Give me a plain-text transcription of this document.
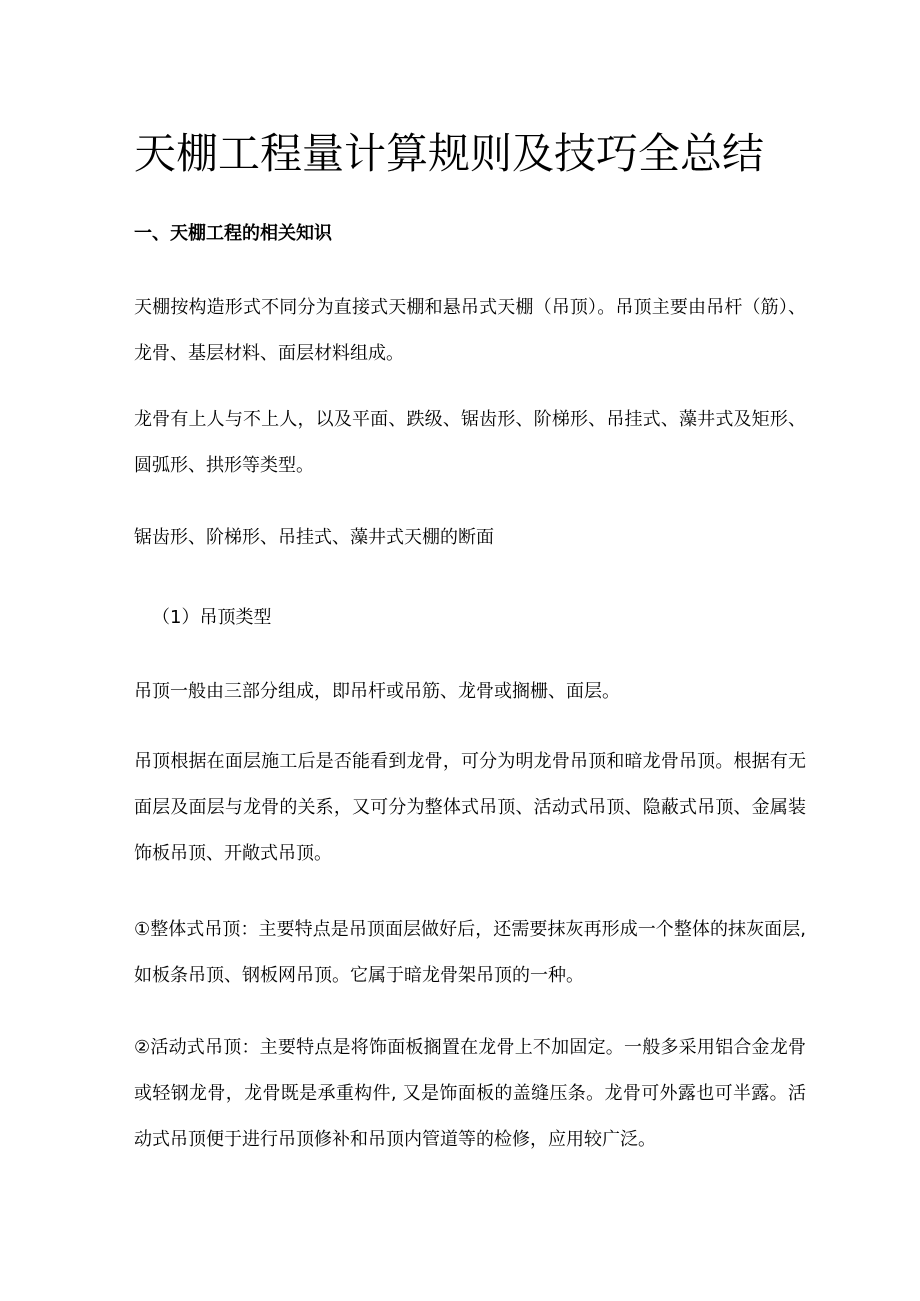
天棚工程量计算规则及技巧全总结
一、天棚工程的相关知识

天棚按构造形式不同分为直接式天棚和悬吊式天棚（吊顶）。吊顶主要由吊杆（筋）、龙骨、基层材料、面层材料组成。

龙骨有上人与不上人，以及平面、跌级、锯齿形、阶梯形、吊挂式、藻井式及矩形、圆弧形、拱形等类型。

锯齿形、阶梯形、吊挂式、藻井式天棚的断面

（1）吊顶类型

吊顶一般由三部分组成，即吊杆或吊筋、龙骨或搁栅、面层。

吊顶根据在面层施工后是否能看到龙骨，可分为明龙骨吊顶和暗龙骨吊顶。根据有无面层及面层与龙骨的关系，又可分为整体式吊顶、活动式吊顶、隐蔽式吊顶、金属装饰板吊顶、开敞式吊顶。

①整体式吊顶：主要特点是吊顶面层做好后，还需要抹灰再形成一个整体的抹灰面层, 如板条吊顶、钢板网吊顶。它属于暗龙骨架吊顶的一种。

②活动式吊顶：主要特点是将饰面板搁置在龙骨上不加固定。一般多采用铝合金龙骨或轻钢龙骨，龙骨既是承重构件, 又是饰面板的盖缝压条。龙骨可外露也可半露。活动式吊顶便于进行吊顶修补和吊顶内管道等的检修，应用较广泛。
